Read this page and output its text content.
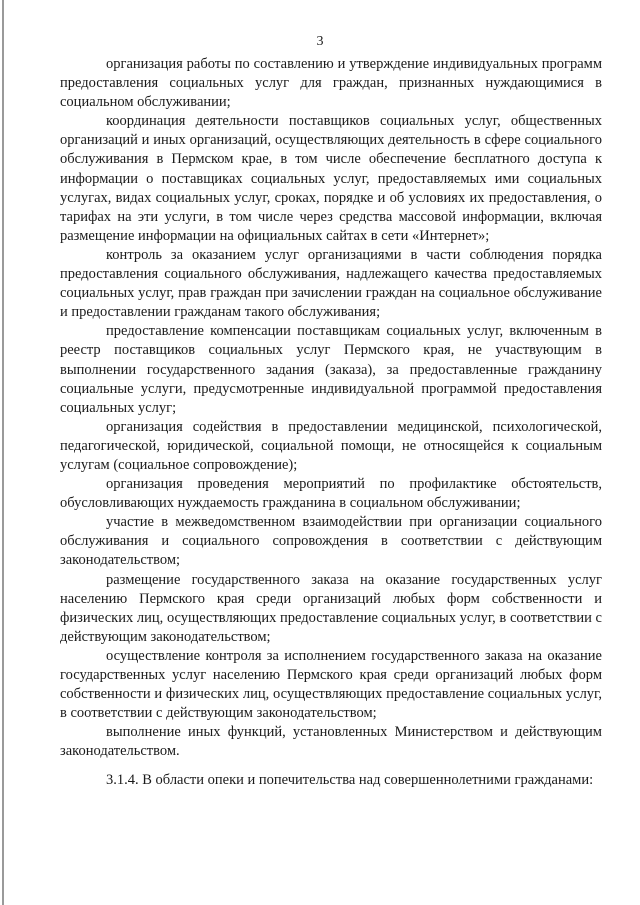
3

организация работы по составлению и утверждение индивидуальных программ предоставления социальных услуг для граждан, признанных нуждающимися в социальном обслуживании;

координация деятельности поставщиков социальных услуг, общественных организаций и иных организаций, осуществляющих деятельность в сфере социального обслуживания в Пермском крае, в том числе обеспечение бесплатного доступа к информации о поставщиках социальных услуг, предоставляемых ими социальных услугах, видах социальных услуг, сроках, порядке и об условиях их предоставления, о тарифах на эти услуги, в том числе через средства массовой информации, включая размещение информации на официальных сайтах в сети «Интернет»;

контроль за оказанием услуг организациями в части соблюдения порядка предоставления социального обслуживания, надлежащего качества предоставляемых социальных услуг, прав граждан при зачислении граждан на социальное обслуживание и предоставлении гражданам такого обслуживания;

предоставление компенсации поставщикам социальных услуг, включенным в реестр поставщиков социальных услуг Пермского края, не участвующим в выполнении государственного задания (заказа), за предоставленные гражданину социальные услуги, предусмотренные индивидуальной программой предоставления социальных услуг;

организация содействия в предоставлении медицинской, психологической, педагогической, юридической, социальной помощи, не относящейся к социальным услугам (социальное сопровождение);

организация проведения мероприятий по профилактике обстоятельств, обусловливающих нуждаемость гражданина в социальном обслуживании;

участие в межведомственном взаимодействии при организации социального обслуживания и социального сопровождения в соответствии с действующим законодательством;

размещение государственного заказа на оказание государственных услуг населению Пермского края среди организаций любых форм собственности и физических лиц, осуществляющих предоставление социальных услуг, в соответствии с действующим законодательством;

осуществление контроля за исполнением государственного заказа на оказание государственных услуг населению Пермского края среди организаций любых форм собственности и физических лиц, осуществляющих предоставление социальных услуг, в соответствии с действующим законодательством;

выполнение иных функций, установленных Министерством и действующим законодательством.

3.1.4. В области опеки и попечительства над совершеннолетними гражданами:
